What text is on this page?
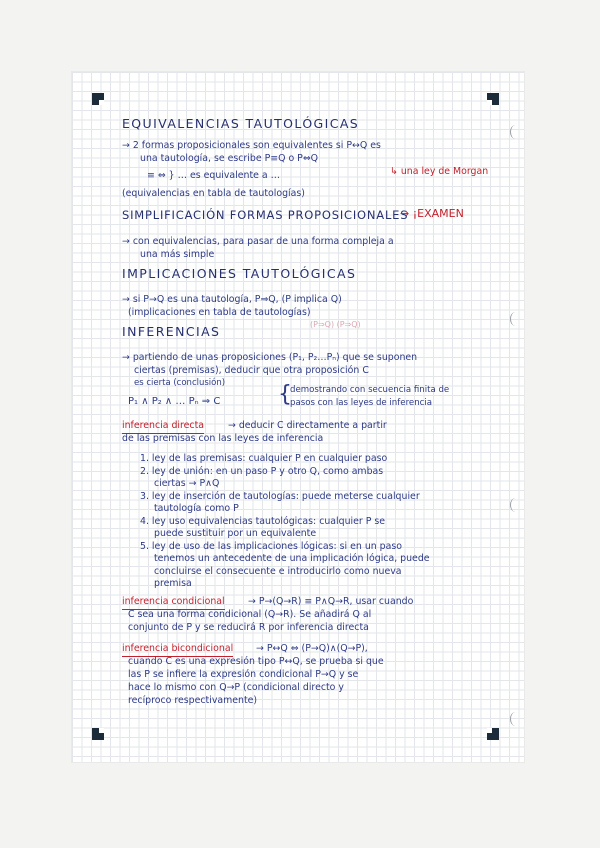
EQUIVALENCIAS TAUTOLÓGICAS
→ 2 formas proposicionales son equivalentes si P↔Q es
una tautología, se escribe P≡Q o P⇔Q
≡ ⇔ } … es equivalente a …	↳ una ley de Morgan
(equivalencias en tabla de tautologías)
SIMPLIFICACIÓN FORMAS PROPOSICIONALES
→ ¡EXAMEN
→ con equivalencias, para pasar de una forma compleja a
una más simple
IMPLICACIONES TAUTOLÓGICAS
→ si P→Q es una tautología, P⇒Q, (P implica Q)
(implicaciones en tabla de tautologías)
(P⇒Q) (P⇒Q)
INFERENCIAS
→ partiendo de unas proposiciones (P₁, P₂…Pₙ) que se suponen
ciertas (premisas), deducir que otra proposición C
es cierta (conclusión)
P₁ ∧ P₂ ∧ … Pₙ ⇒ C	{
demostrando con secuencia finita de
pasos con las leyes de inferencia
inferencia directa	→ deducir C directamente a partir
de las premisas con las leyes de inferencia
1. ley de las premisas: cualquier P en cualquier paso
2. ley de unión: en un paso P y otro Q, como ambas
ciertas → P∧Q
3. ley de inserción de tautologías: puede meterse cualquier
tautología como P
4. ley uso equivalencias tautológicas: cualquier P se
puede sustituir por un equivalente
5. ley de uso de las implicaciones lógicas: si en un paso
tenemos un antecedente de una implicación lógica, puede
concluirse el consecuente e introducirlo como nueva
premisa
inferencia condicional → P→(Q→R) ≡ P∧Q→R, usar cuando
C sea una forma condicional (Q→R). Se añadirá Q al
conjunto de P y se reducirá R por inferencia directa
inferencia bicondicional → P↔Q ⇔ (P→Q)∧(Q→P),
cuando C es una expresión tipo P↔Q, se prueba si que
las P se infiere la expresión condicional P→Q y se
hace lo mismo con Q→P (condicional directo y
recíproco respectivamente)
